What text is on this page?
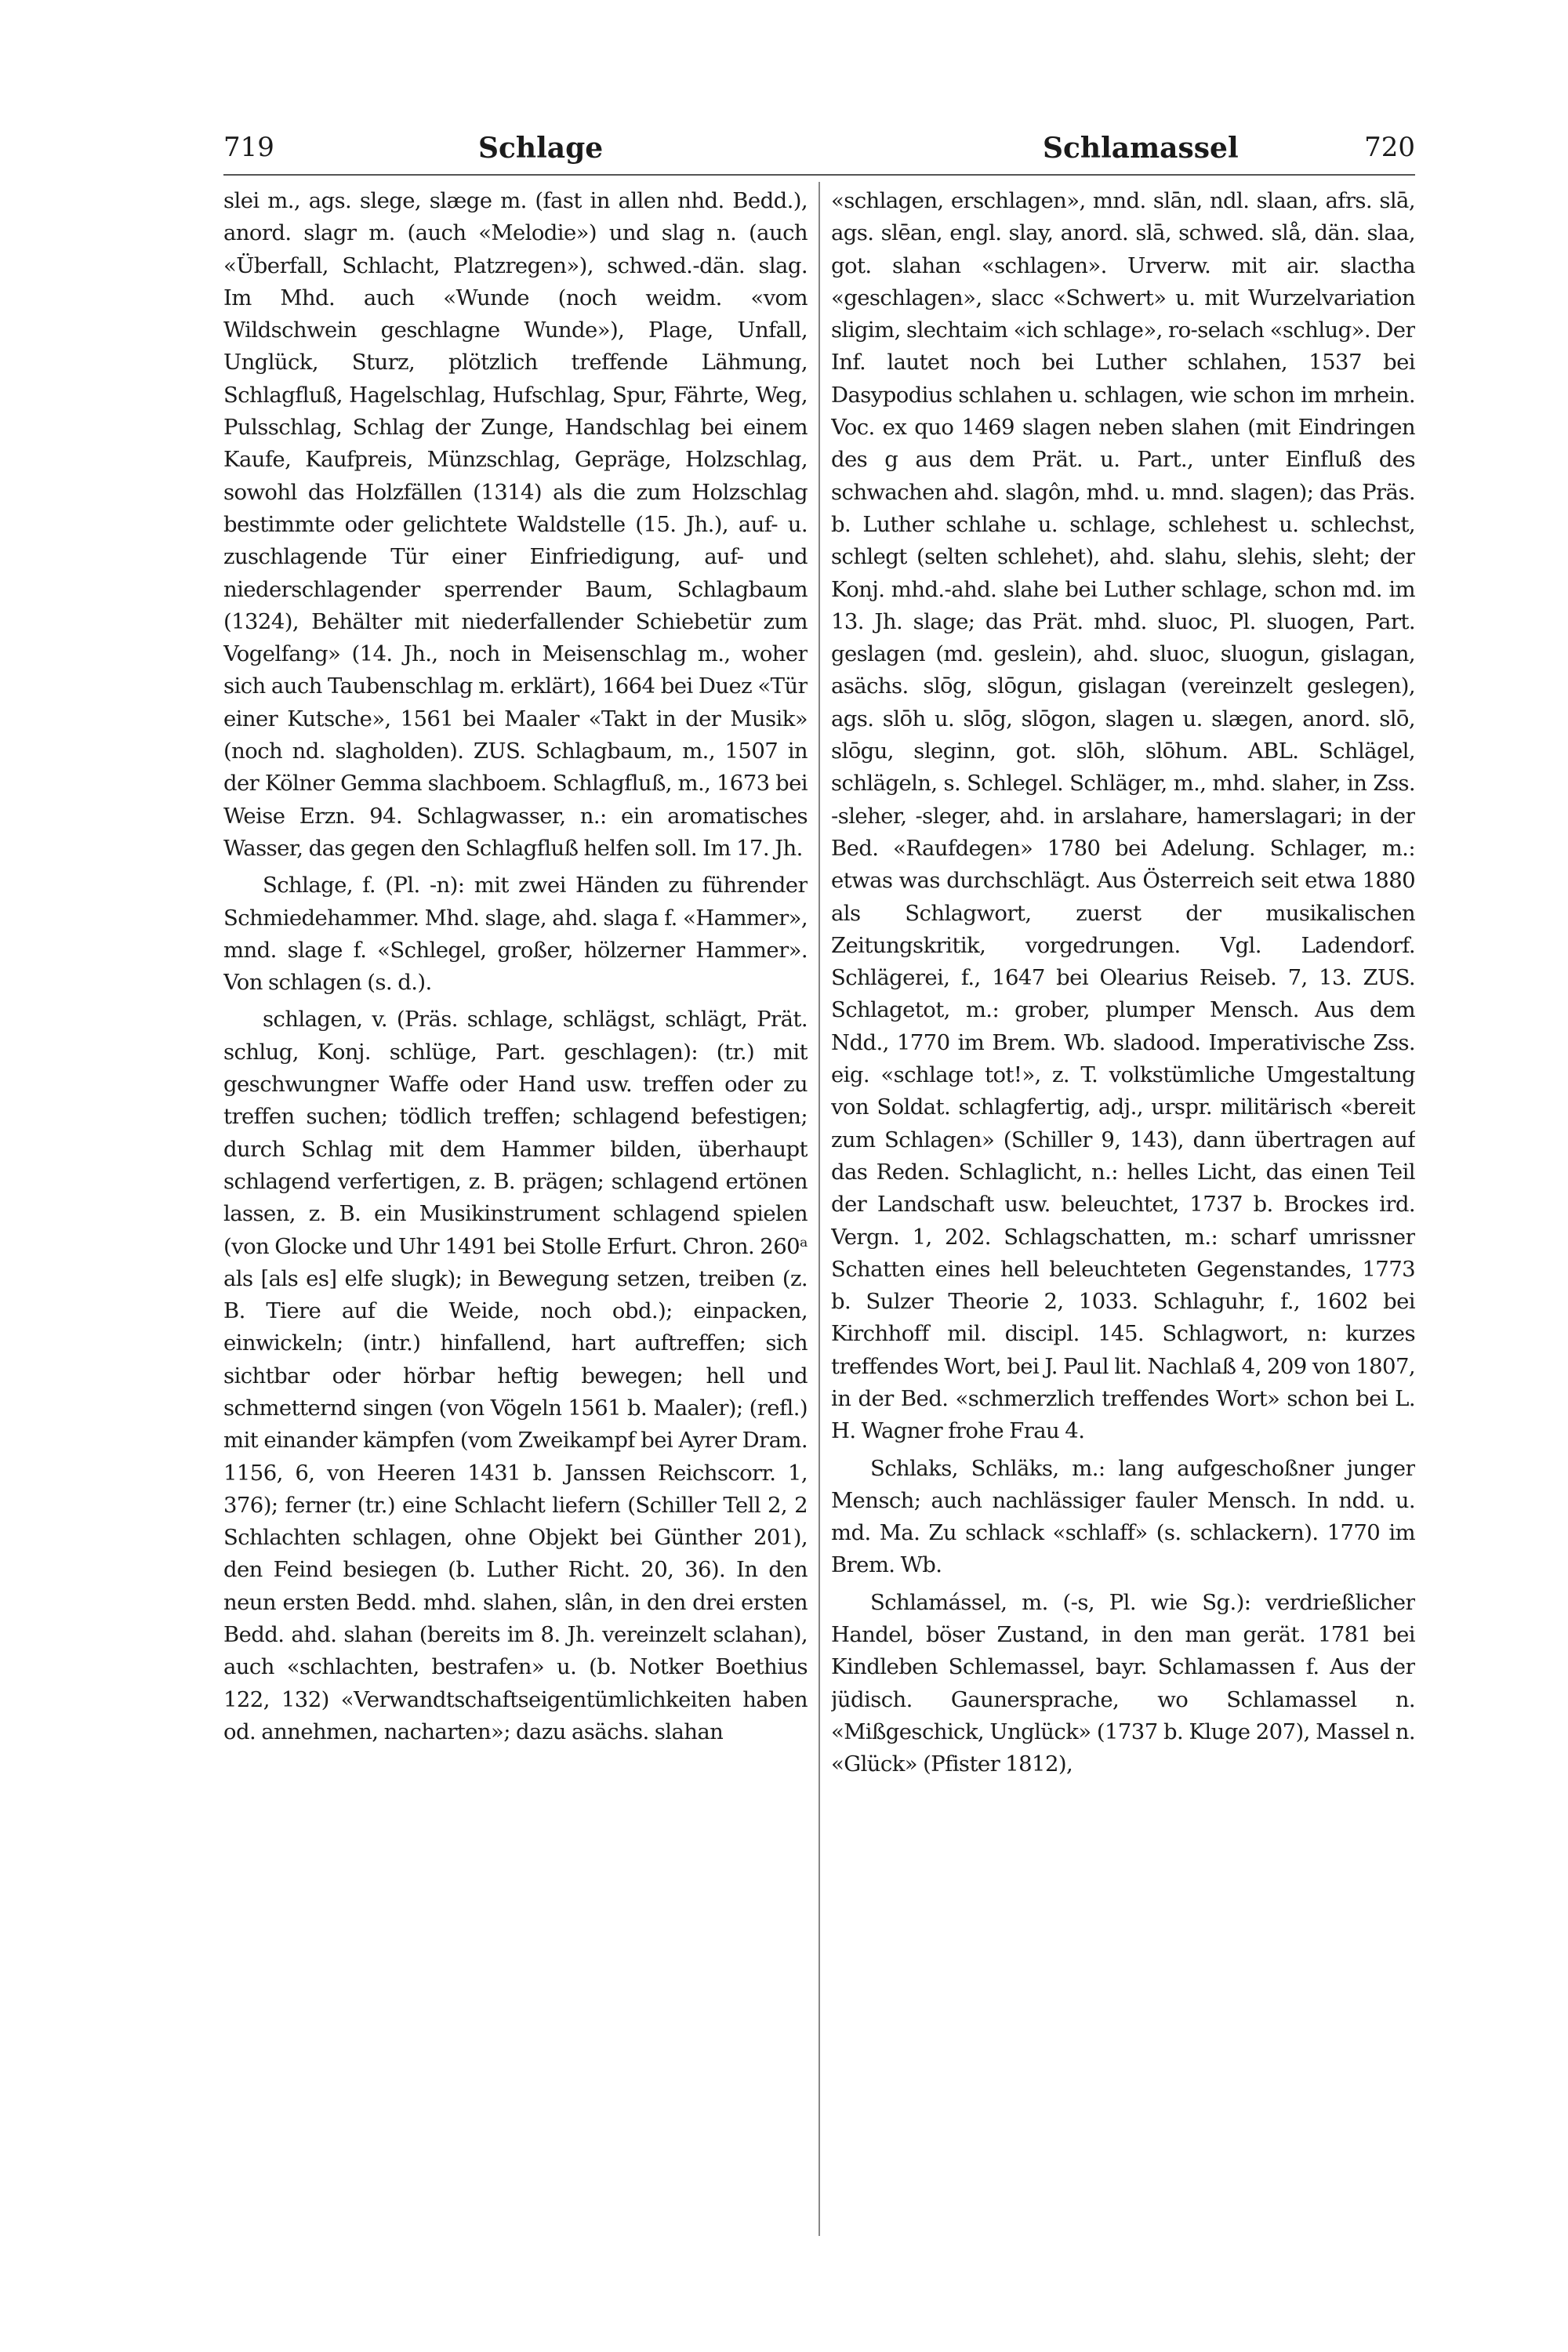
719	Schlage	Schlamassel	720

slei m., ags. slege, slæge m. (fast in allen nhd. Bedd.), anord. slagr m. (auch «Melodie») und slag n. (auch «Überfall, Schlacht, Platzregen»), schwed.-dän. slag. Im Mhd. auch «Wunde (noch weidm. «vom Wildschwein geschlagne Wunde»), Plage, Unfall, Unglück, Sturz, plötzlich treffende Lähmung, Schlagfluß, Hagelschlag, Hufschlag, Spur, Fährte, Weg, Pulsschlag, Schlag der Zunge, Handschlag bei einem Kaufe, Kaufpreis, Münzschlag, Gepräge, Holzschlag, sowohl das Holzfällen (1314) als die zum Holzschlag bestimmte oder gelichtete Waldstelle (15. Jh.), auf- u. zuschlagende Tür einer Einfriedigung, auf- und niederschlagender sperrender Baum, Schlagbaum (1324), Behälter mit niederfallender Schiebetür zum Vogelfang» (14. Jh., noch in Meisenschlag m., woher sich auch Taubenschlag m. erklärt), 1664 bei Duez «Tür einer Kutsche», 1561 bei Maaler «Takt in der Musik» (noch nd. slagholden). ZUS. Schlagbaum, m., 1507 in der Kölner Gemma slachboem. Schlagfluß, m., 1673 bei Weise Erzn. 94. Schlagwasser, n.: ein aromatisches Wasser, das gegen den Schlagfluß helfen soll. Im 17. Jh.

Schlage, f. (Pl. -n): mit zwei Händen zu führender Schmiedehammer. Mhd. slage, ahd. slaga f. «Hammer», mnd. slage f. «Schlegel, großer, hölzerner Hammer». Von schlagen (s. d.).

schlagen, v. (Präs. schlage, schlägst, schlägt, Prät. schlug, Konj. schlüge, Part. geschlagen): (tr.) mit geschwungner Waffe oder Hand usw. treffen oder zu treffen suchen; tödlich treffen; schlagend befestigen; durch Schlag mit dem Hammer bilden, überhaupt schlagend verfertigen, z. B. prägen; schlagend ertönen lassen, z. B. ein Musikinstrument schlagend spielen (von Glocke und Uhr 1491 bei Stolle Erfurt. Chron. 260ᵃ als [als es] elfe slugk); in Bewegung setzen, treiben (z. B. Tiere auf die Weide, noch obd.); einpacken, einwickeln; (intr.) hinfallend, hart auftreffen; sich sichtbar oder hörbar heftig bewegen; hell und schmetternd singen (von Vögeln 1561 b. Maaler); (refl.) mit einander kämpfen (vom Zweikampf bei Ayrer Dram. 1156, 6, von Heeren 1431 b. Janssen Reichscorr. 1, 376); ferner (tr.) eine Schlacht liefern (Schiller Tell 2, 2 Schlachten schlagen, ohne Objekt bei Günther 201), den Feind besiegen (b. Luther Richt. 20, 36). In den neun ersten Bedd. mhd. slahen, slân, in den drei ersten Bedd. ahd. slahan (bereits im 8. Jh. vereinzelt sclahan), auch «schlachten, bestrafen» u. (b. Notker Boethius 122, 132) «Verwandtschaftseigentümlichkeiten haben od. annehmen, nacharten»; dazu asächs. slahan

«schlagen, erschlagen», mnd. slān, ndl. slaan, afrs. slā, ags. slēan, engl. slay, anord. slā, schwed. slå, dän. slaa, got. slahan «schlagen». Urverw. mit air. slactha «geschlagen», slacc «Schwert» u. mit Wurzelvariation sligim, slechtaim «ich schlage», ro-selach «schlug». Der Inf. lautet noch bei Luther schlahen, 1537 bei Dasypodius schlahen u. schlagen, wie schon im mrhein. Voc. ex quo 1469 slagen neben slahen (mit Eindringen des g aus dem Prät. u. Part., unter Einfluß des schwachen ahd. slagôn, mhd. u. mnd. slagen); das Präs. b. Luther schlahe u. schlage, schlehest u. schlechst, schlegt (selten schlehet), ahd. slahu, slehis, sleht; der Konj. mhd.-ahd. slahe bei Luther schlage, schon md. im 13. Jh. slage; das Prät. mhd. sluoc, Pl. sluogen, Part. geslagen (md. geslein), ahd. sluoc, sluogun, gislagan, asächs. slōg, slōgun, gislagan (vereinzelt geslegen), ags. slōh u. slōg, slōgon, slagen u. slægen, anord. slō, slōgu, sleginn, got. slōh, slōhum. ABL. Schlägel, schlägeln, s. Schlegel. Schläger, m., mhd. slaher, in Zss. -sleher, -sleger, ahd. in arslahare, hamerslagari; in der Bed. «Raufdegen» 1780 bei Adelung. Schlager, m.: etwas was durchschlägt. Aus Österreich seit etwa 1880 als Schlagwort, zuerst der musikalischen Zeitungskritik, vorgedrungen. Vgl. Ladendorf. Schlägerei, f., 1647 bei Olearius Reiseb. 7, 13. ZUS. Schlagetot, m.: grober, plumper Mensch. Aus dem Ndd., 1770 im Brem. Wb. sladood. Imperativische Zss. eig. «schlage tot!», z. T. volkstümliche Umgestaltung von Soldat. schlagfertig, adj., urspr. militärisch «bereit zum Schlagen» (Schiller 9, 143), dann übertragen auf das Reden. Schlaglicht, n.: helles Licht, das einen Teil der Landschaft usw. beleuchtet, 1737 b. Brockes ird. Vergn. 1, 202. Schlagschatten, m.: scharf umrissner Schatten eines hell beleuchteten Gegenstandes, 1773 b. Sulzer Theorie 2, 1033. Schlaguhr, f., 1602 bei Kirchhoff mil. discipl. 145. Schlagwort, n: kurzes treffendes Wort, bei J. Paul lit. Nachlaß 4, 209 von 1807, in der Bed. «schmerzlich treffendes Wort» schon bei L. H. Wagner frohe Frau 4.

Schlaks, Schläks, m.: lang aufgeschoßner junger Mensch; auch nachlässiger fauler Mensch. In ndd. u. md. Ma. Zu schlack «schlaff» (s. schlackern). 1770 im Brem. Wb.

Schlamássel, m. (-s, Pl. wie Sg.): verdrießlicher Handel, böser Zustand, in den man gerät. 1781 bei Kindleben Schlemassel, bayr. Schlamassen f. Aus der jüdisch. Gaunersprache, wo Schlamassel n. «Mißgeschick, Unglück» (1737 b. Kluge 207), Massel n. «Glück» (Pfister 1812),
